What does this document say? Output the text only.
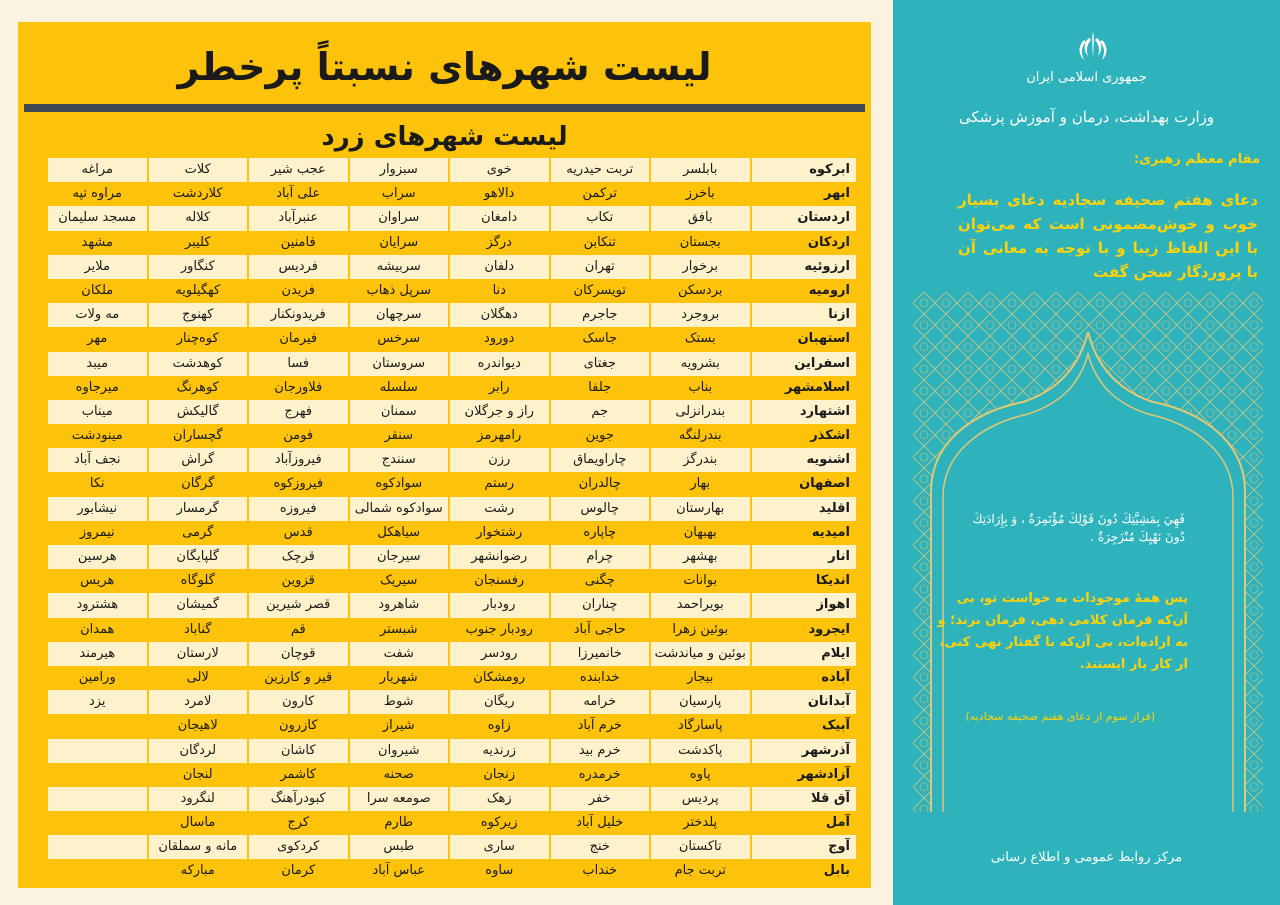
لیست شهرهای نسبتاً پرخطر
لیست شهرهای زرد
ابرکوه
بابلسر
تربت حیدریه
خوی
سبزوار
عجب شیر
کلات
مراغه
ابهر
باخرز
ترکمن
دالاهو
سراب
علی آباد
کلاردشت
مراوه تپه
اردستان
بافق
تکاب
دامغان
سراوان
عنبرآباد
کلاله
مسجد سلیمان
اردکان
بجستان
تنکابن
درگز
سرایان
فامنین
کلیبر
مشهد
ارزوئیه
برخوار
تهران
دلفان
سربیشه
فردیس
کنگاور
ملایر
ارومیه
بردسکن
تویسرکان
دنا
سرپل ذهاب
فریدن
کهگیلویه
ملکان
ازنا
بروجرد
جاجرم
دهگلان
سرچهان
فریدونکنار
کهنوج
مه ولات
استهبان
بستک
جاسک
دورود
سرخس
فیرمان
کوه‌چنار
مهر
اسفراین
بشرویه
جغتای
دیواندره
سروستان
فسا
کوهدشت
میبد
اسلامشهر
بناب
جلفا
رابر
سلسله
فلاورجان
کوهرنگ
میرجاوه
اشتهارد
بندرانزلی
جم
راز و جرگلان
سمنان
فهرج
گالیکش
میناب
اشکذر
بندرلنگه
جوین
رامهرمز
سنقر
فومن
گچساران
مینودشت
اشنویه
بندرگز
چاراویماق
رزن
سنندج
فیروزآباد
گراش
نجف آباد
اصفهان
بهار
چالدران
رستم
سوادکوه
فیروزکوه
گرگان
نکا
اقلید
بهارستان
چالوس
رشت
سوادکوه شمالی
فیروزه
گرمسار
نیشابور
امیدیه
بهبهان
چاپاره
رشتخوار
سیاهکل
قدس
گرمی
نیمروز
انار
بهشهر
چرام
رضوانشهر
سیرجان
قرچک
گلپایگان
هرسین
اندیکا
بوانات
چگنی
رفسنجان
سیریک
قزوین
گلوگاه
هریس
اهواز
بویراحمد
چناران
رودبار
شاهرود
قصر شیرین
گمیشان
هشترود
ایجرود
بوئین زهرا
حاجی آباد
رودبار جنوب
شبستر
قم
گناباد
همدان
ایلام
بوئین و میاندشت
خانمیرزا
رودسر
شفت
قوچان
لارستان
هیرمند
آباده
بیجار
خدابنده
رومشکان
شهریار
قیر و کارزین
لالی
ورامین
آبدانان
پارسیان
خرامه
ریگان
شوط
کارون
لامرد
یزد
آبیک
پاسارگاد
خرم آباد
زاوه
شیراز
کازرون
لاهیجان
آذرشهر
پاکدشت
خرم بید
زرندیه
شیروان
کاشان
لردگان
آزادشهر
پاوه
خرمدره
زنجان
صحنه
کاشمر
لنجان
آق قلا
پردیس
خفر
زهک
صومعه سرا
کبودرآهنگ
لنگرود
آمل
پلدختر
خلیل آباد
زیرکوه
طارم
کرج
ماسال
آوج
تاکستان
خنج
ساری
طبس
کردکوی
مانه و سملقان
بابل
تربت جام
خنداب
ساوه
عباس آباد
کرمان
مبارکه
جمهوری اسلامی ایران
وزارت بهداشت، درمان و آموزش پزشکی
مقام معظم رهبری:
دعای هفتم صحیفه سجادیه دعای بسیار خوب و خوش‌مضمونی است که می‌توان با این الفاظ زیبا و با توجه به معانی آن با پروردگار سخن گفت
فَهِيَ بِمَشِيَّتِكَ دُونَ قَوْلِكَ مُؤْتَمِرَةٌ ، وَ بِإِرَادَتِكَ دُونَ نَهْيِكَ مُنْزَجِرَةٌ .
پس همهٔ موجودات به خواست تو، بی آن‌که فرمان کلامی دهی، فرمان برند؛ و به اراده‌ات، بی آن‌که با گفتار نهی کنی، از کار باز ایستند.
(فراز سوم از دعای هفتم صحیفه سجادیه)
مرکز روابط عمومی و اطلاع رسانی
